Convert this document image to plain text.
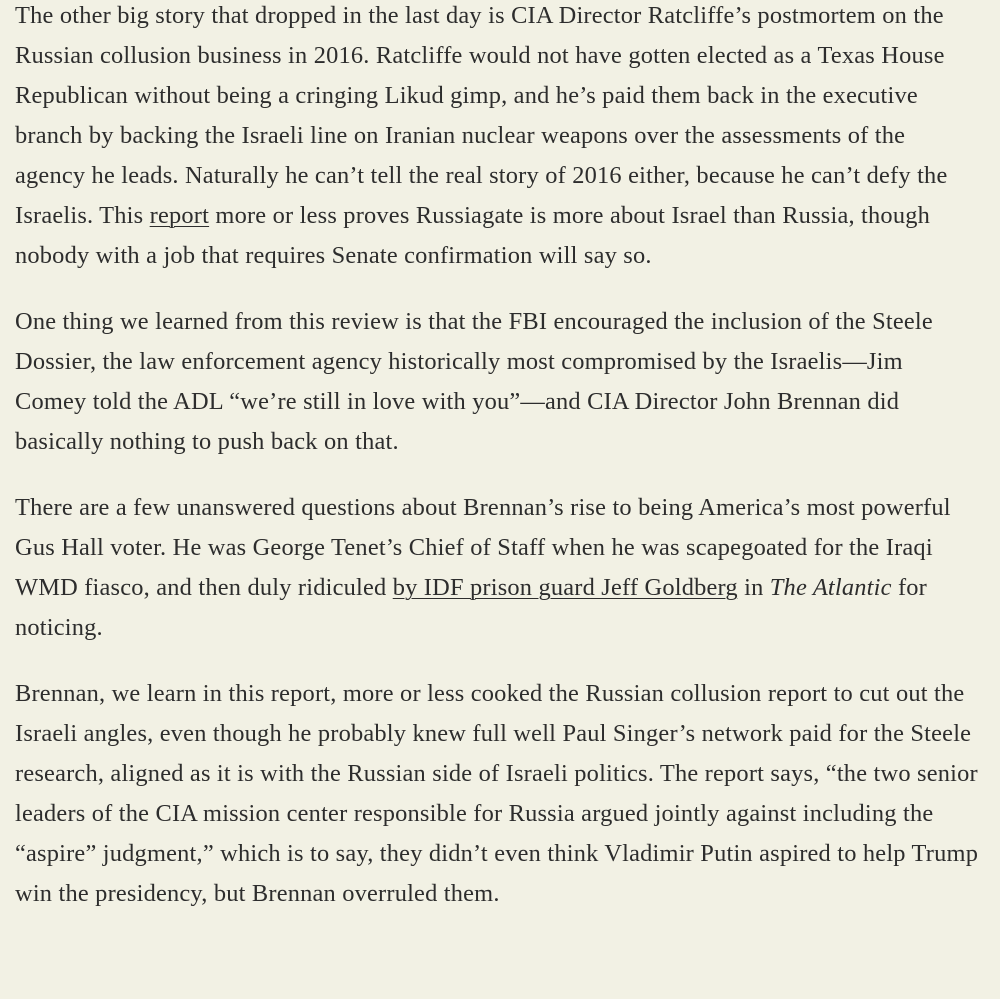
The other big story that dropped in the last day is CIA Director Ratcliffe’s postmortem on the Russian collusion business in 2016. Ratcliffe would not have gotten elected as a Texas House Republican without being a cringing Likud gimp, and he’s paid them back in the executive branch by backing the Israeli line on Iranian nuclear weapons over the assessments of the agency he leads. Naturally he can’t tell the real story of 2016 either, because he can’t defy the Israelis. This report more or less proves Russiagate is more about Israel than Russia, though nobody with a job that requires Senate confirmation will say so.

One thing we learned from this review is that the FBI encouraged the inclusion of the Steele Dossier, the law enforcement agency historically most compromised by the Israelis—Jim Comey told the ADL “we’re still in love with you”—and CIA Director John Brennan did basically nothing to push back on that.

There are a few unanswered questions about Brennan’s rise to being America’s most powerful Gus Hall voter. He was George Tenet’s Chief of Staff when he was scapegoated for the Iraqi WMD fiasco, and then duly ridiculed by IDF prison guard Jeff Goldberg in The Atlantic for noticing.

Brennan, we learn in this report, more or less cooked the Russian collusion report to cut out the Israeli angles, even though he probably knew full well Paul Singer’s network paid for the Steele research, aligned as it is with the Russian side of Israeli politics. The report says, “the two senior leaders of the CIA mission center responsible for Russia argued jointly against including the “aspire” judgment,” which is to say, they didn’t even think Vladimir Putin aspired to help Trump win the presidency, but Brennan overruled them.
